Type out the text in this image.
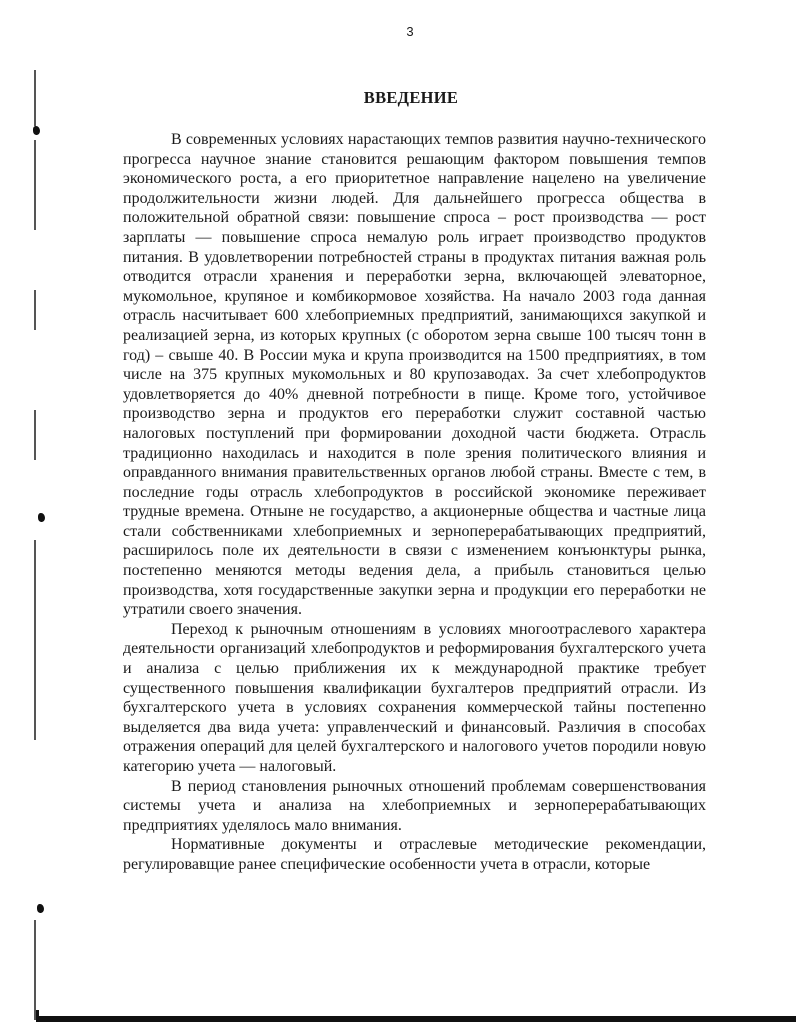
3
ВВЕДЕНИЕ

В современных условиях нарастающих темпов развития научно-технического прогресса научное знание становится решающим фактором повышения темпов экономического роста, а его приоритетное направление нацелено на увеличение продолжительности жизни людей. Для дальнейшего прогресса общества в положительной обратной связи: повышение спроса – рост производства — рост зарплаты — повышение спроса немалую роль играет производство продуктов питания. В удовлетворении потребностей страны в продуктах питания важная роль отводится отрасли хранения и переработки зерна, включающей элеваторное, мукомольное, крупяное и комбикормовое хозяйства. На начало 2003 года данная отрасль насчитывает 600 хлебоприемных предприятий, занимающихся закупкой и реализацией зерна, из которых крупных (с оборотом зерна свыше 100 тысяч тонн в год) – свыше 40. В России мука и крупа производится на 1500 предприятиях, в том числе на 375 крупных мукомольных и 80 крупозаводах. За счет хлебопродуктов удовлетворяется до 40% дневной потребности в пище. Кроме того, устойчивое производство зерна и продуктов его переработки служит составной частью налоговых поступлений при формировании доходной части бюджета. Отрасль традиционно находилась и находится в поле зрения политического влияния и оправданного внимания правительственных органов любой страны. Вместе с тем, в последние годы отрасль хлебопродуктов в российской экономике переживает трудные времена. Отныне не государство, а акционерные общества и частные лица стали собственниками хлебоприемных и зерноперерабатывающих предприятий, расширилось поле их деятельности в связи с изменением конъюнктуры рынка, постепенно меняются методы ведения дела, а прибыль становиться целью производства, хотя государственные закупки зерна и продукции его переработки не утратили своего значения.

Переход к рыночным отношениям в условиях многоотраслевого характера деятельности организаций хлебопродуктов и реформирования бухгалтерского учета и анализа с целью приближения их к международной практике требует существенного повышения квалификации бухгалтеров предприятий отрасли. Из бухгалтерского учета в условиях сохранения коммерческой тайны постепенно выделяется два вида учета: управленческий и финансовый. Различия в способах отражения операций для целей бухгалтерского и налогового учетов породили новую категорию учета — налоговый.

В период становления рыночных отношений проблемам совершенствования системы учета и анализа на хлебоприемных и зерноперерабатывающих предприятиях уделялось мало внимания.

Нормативные документы и отраслевые методические рекомендации, регулировавщие ранее специфические особенности учета в отрасли, которые
